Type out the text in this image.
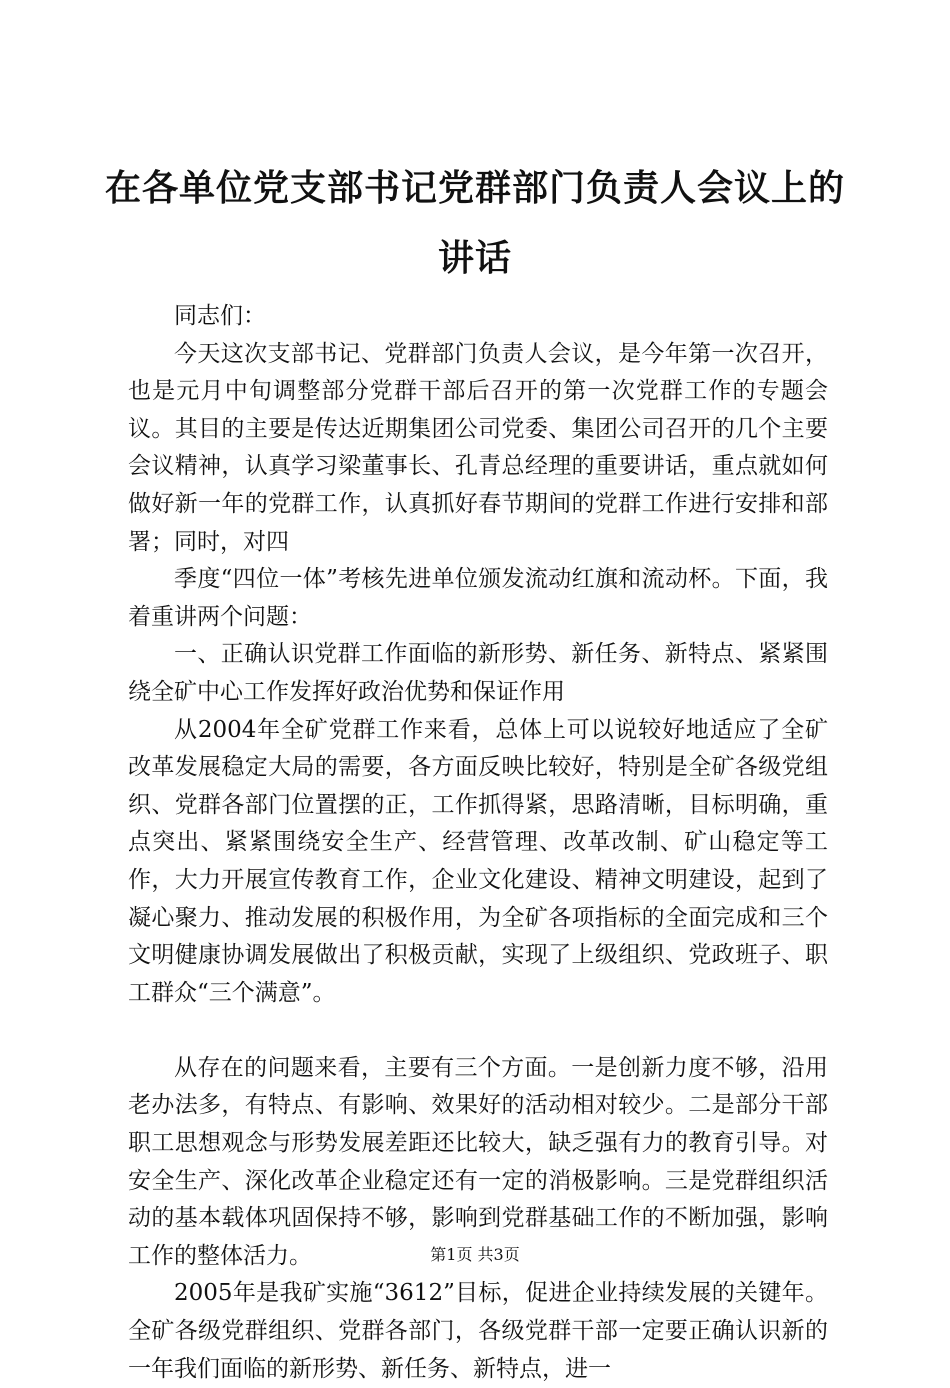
在各单位党支部书记党群部门负责人会议上的
讲话

同志们：

今天这次支部书记、党群部门负责人会议，是今年第一次召开，也是元月中旬调整部分党群干部后召开的第一次党群工作的专题会议。其目的主要是传达近期集团公司党委、集团公司召开的几个主要会议精神，认真学习梁董事长、孔青总经理的重要讲话，重点就如何做好新一年的党群工作，认真抓好春节期间的党群工作进行安排和部署；同时，对四

季度“四位一体”考核先进单位颁发流动红旗和流动杯。下面，我着重讲两个问题：

一、正确认识党群工作面临的新形势、新任务、新特点、紧紧围绕全矿中心工作发挥好政治优势和保证作用

从2004年全矿党群工作来看，总体上可以说较好地适应了全矿改革发展稳定大局的需要，各方面反映比较好，特别是全矿各级党组织、党群各部门位置摆的正，工作抓得紧，思路清晰，目标明确，重点突出、紧紧围绕安全生产、经营管理、改革改制、矿山稳定等工作，大力开展宣传教育工作，企业文化建设、精神文明建设，起到了凝心聚力、推动发展的积极作用，为全矿各项指标的全面完成和三个文明健康协调发展做出了积极贡献，实现了上级组织、党政班子、职工群众“三个满意”。

从存在的问题来看，主要有三个方面。一是创新力度不够，沿用老办法多，有特点、有影响、效果好的活动相对较少。二是部分干部职工思想观念与形势发展差距还比较大，缺乏强有力的教育引导。对安全生产、深化改革企业稳定还有一定的消极影响。三是党群组织活动的基本载体巩固保持不够，影响到党群基础工作的不断加强，影响工作的整体活力。

2005年是我矿实施“3612”目标，促进企业持续发展的关键年。全矿各级党群组织、党群各部门，各级党群干部一定要正确认识新的一年我们面临的新形势、新任务、新特点，进一

第1页 共3页
